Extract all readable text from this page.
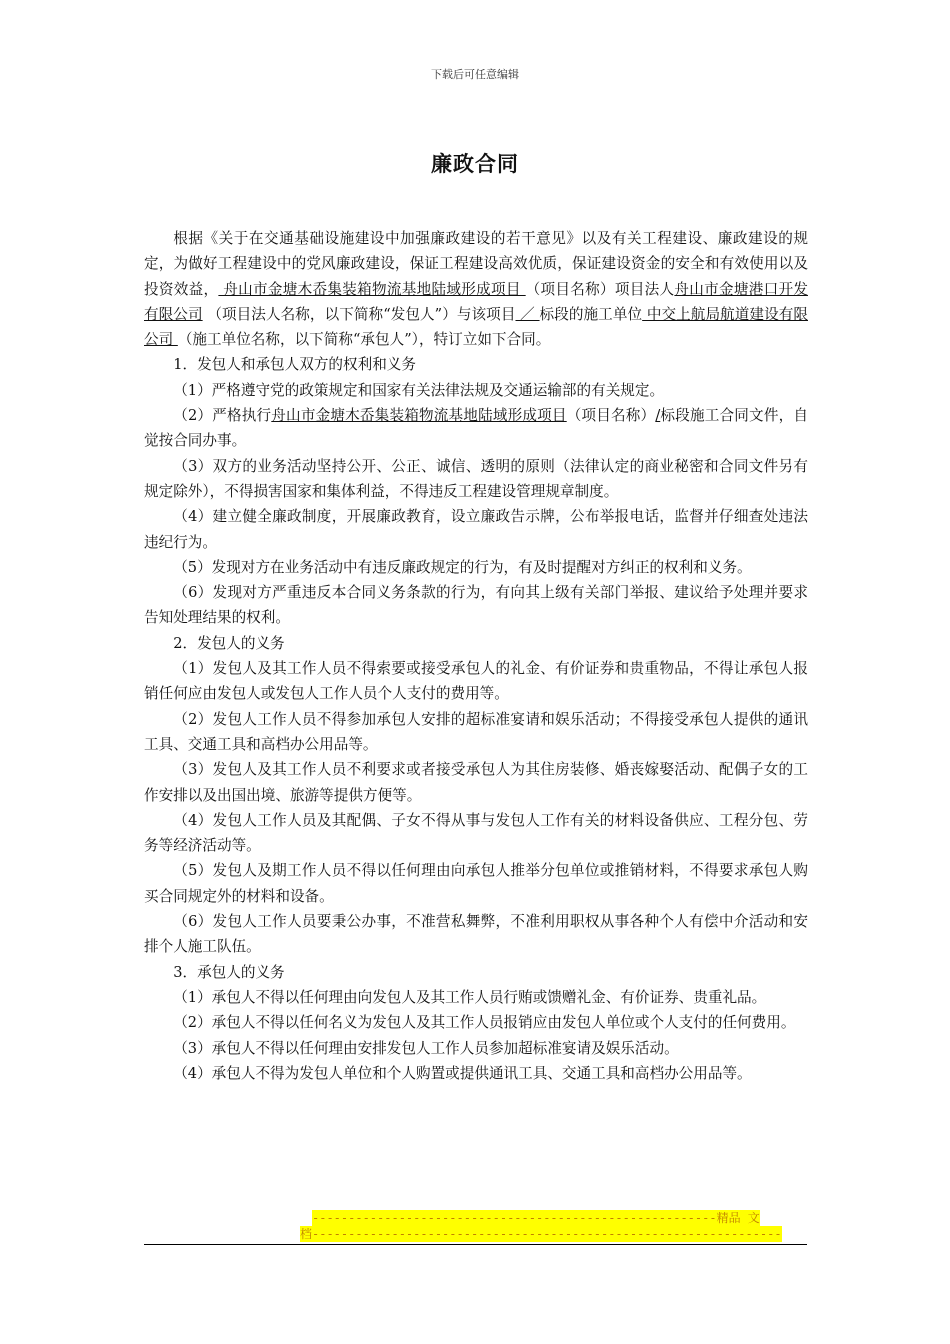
下载后可任意编辑
廉政合同

根据《关于在交通基础设施建设中加强廉政建设的若干意见》以及有关工程建设、廉政建设的规定，为做好工程建设中的党风廉政建设，保证工程建设高效优质，保证建设资金的安全和有效使用以及投资效益， 舟山市金塘木岙集装箱物流基地陆域形成项目 （项目名称）项目法人舟山市金塘港口开发有限公司 （项目法人名称，以下简称“发包人”）与该项目 ／ 标段的施工单位 中交上航局航道建设有限公司 （施工单位名称，以下简称“承包人”），特订立如下合同。

1．发包人和承包人双方的权利和义务

（1）严格遵守党的政策规定和国家有关法律法规及交通运输部的有关规定。

（2）严格执行舟山市金塘木岙集装箱物流基地陆域形成项目（项目名称）/标段施工合同文件，自觉按合同办事。

（3）双方的业务活动坚持公开、公正、诚信、透明的原则（法律认定的商业秘密和合同文件另有规定除外），不得损害国家和集体利益，不得违反工程建设管理规章制度。

（4）建立健全廉政制度，开展廉政教育，设立廉政告示牌，公布举报电话，监督并仔细查处违法违纪行为。

（5）发现对方在业务活动中有违反廉政规定的行为，有及时提醒对方纠正的权利和义务。

（6）发现对方严重违反本合同义务条款的行为，有向其上级有关部门举报、建议给予处理并要求告知处理结果的权利。

2．发包人的义务

（1）发包人及其工作人员不得索要或接受承包人的礼金、有价证券和贵重物品，不得让承包人报销任何应由发包人或发包人工作人员个人支付的费用等。

（2）发包人工作人员不得参加承包人安排的超标准宴请和娱乐活动；不得接受承包人提供的通讯工具、交通工具和高档办公用品等。

（3）发包人及其工作人员不利要求或者接受承包人为其住房装修、婚丧嫁娶活动、配偶子女的工作安排以及出国出境、旅游等提供方便等。

（4）发包人工作人员及其配偶、子女不得从事与发包人工作有关的材料设备供应、工程分包、劳务等经济活动等。

（5）发包人及期工作人员不得以任何理由向承包人推举分包单位或推销材料，不得要求承包人购买合同规定外的材料和设备。

（6）发包人工作人员要秉公办事，不准营私舞弊，不准利用职权从事各种个人有偿中介活动和安排个人施工队伍。

3．承包人的义务

（1）承包人不得以任何理由向发包人及其工作人员行贿或馈赠礼金、有价证券、贵重礼品。

（2）承包人不得以任何名义为发包人及其工作人员报销应由发包人单位或个人支付的任何费用。

（3）承包人不得以任何理由安排发包人工作人员参加超标准宴请及娱乐活动。

（4）承包人不得为发包人单位和个人购置或提供通讯工具、交通工具和高档办公用品等。

--------------------------------------------------------精品 文
档-----------------------------------------------------------------
